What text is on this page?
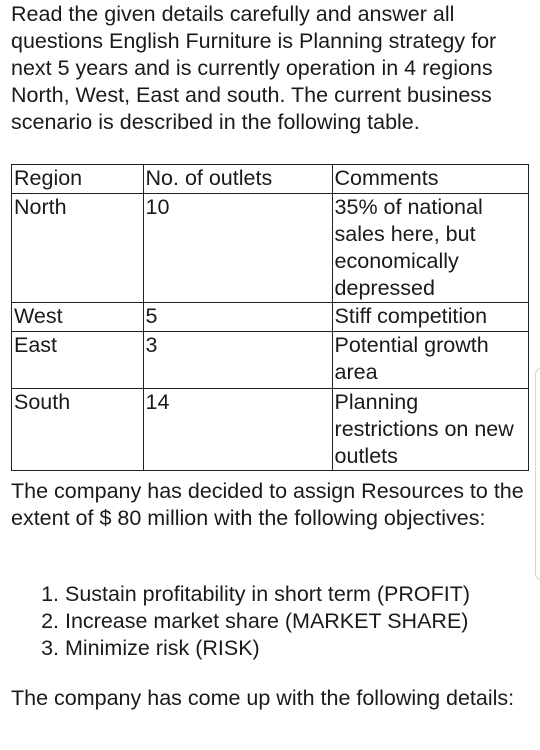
Read the given details carefully and answer all questions English Furniture is Planning strategy for next 5 years and is currently operation in 4 regions North, West, East and south. The current business scenario is described in the following table.

Region	No. of outlets	Comments
North	10	35% of national sales here, but economically depressed
West	5	Stiff competition
East	3	Potential growth area
South	14	Planning restrictions on new outlets

The company has decided to assign Resources to the extent of $ 80 million with the following objectives:

1. Sustain profitability in short term (PROFIT)
2. Increase market share (MARKET SHARE)
3. Minimize risk (RISK)

The company has come up with the following details:
